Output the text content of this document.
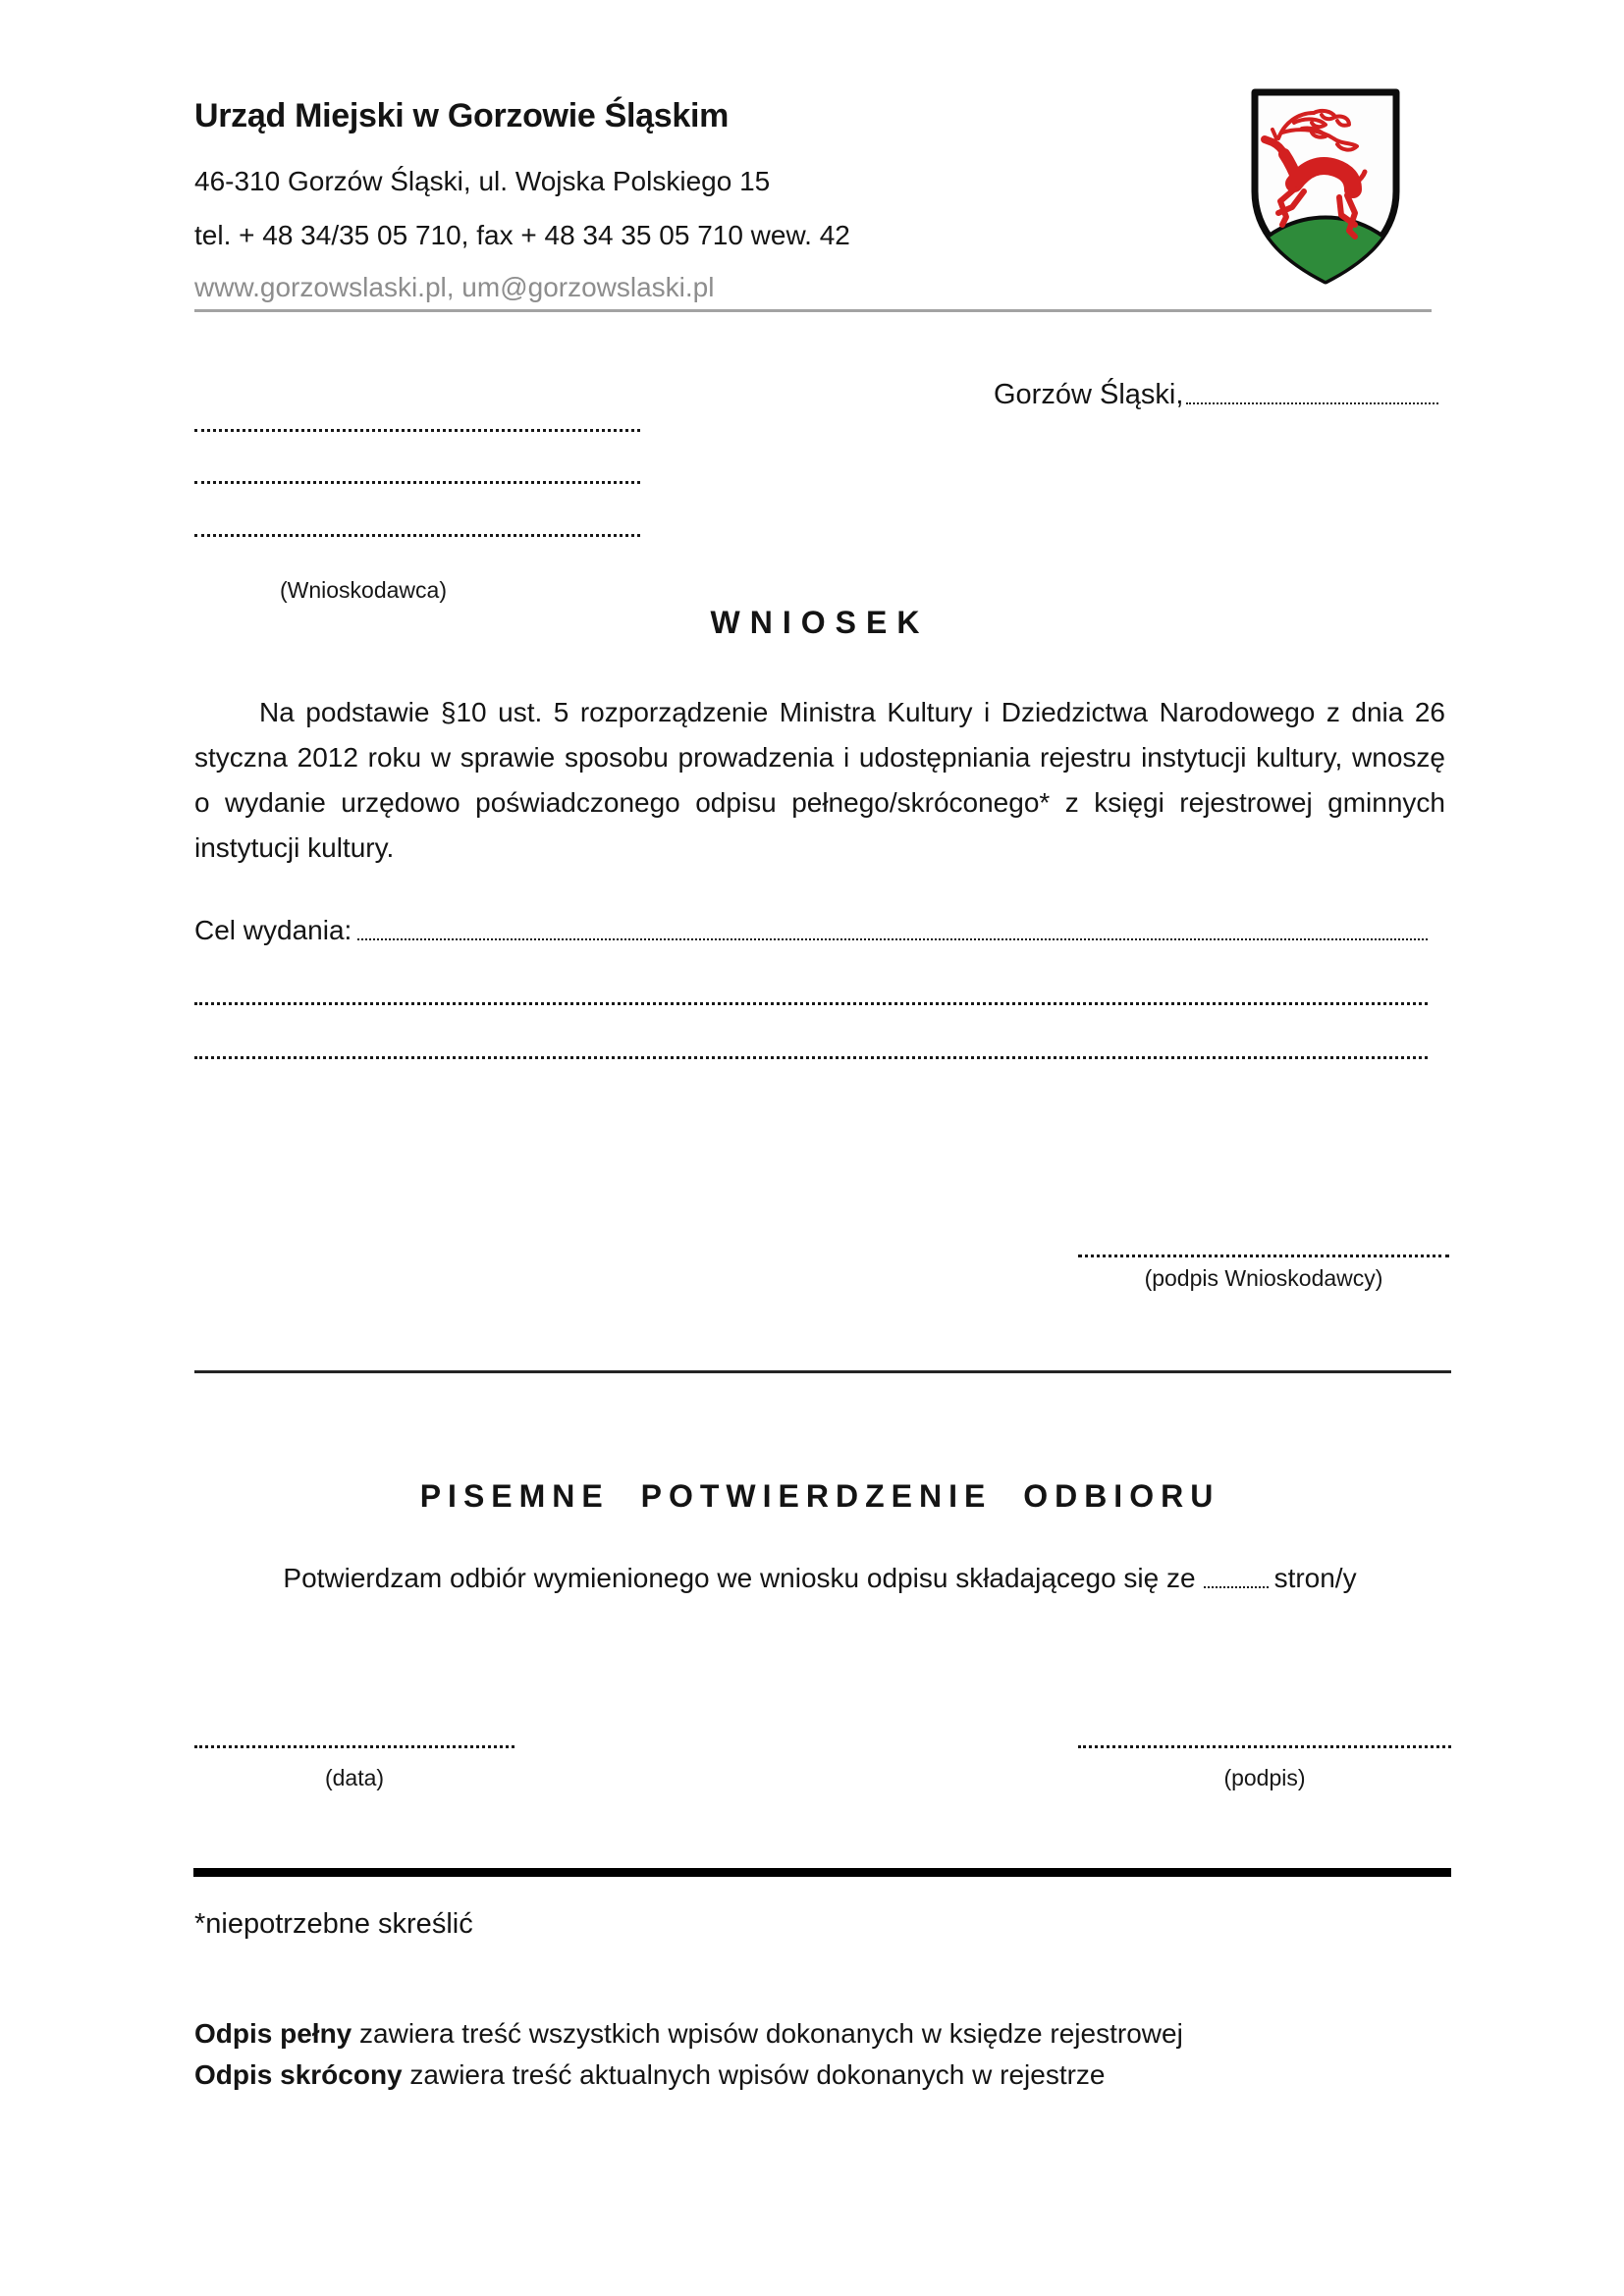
Urząd Miejski w Gorzowie Śląskim
46-310 Gorzów Śląski, ul. Wojska Polskiego 15
tel. + 48 34/35 05 710, fax + 48 34 35 05 710 wew. 42
www.gorzowslaski.pl, um@gorzowslaski.pl
Gorzów Śląski,
(Wnioskodawca)
WNIOSEK
Na podstawie §10 ust. 5 rozporządzenie Ministra Kultury i Dziedzictwa Narodowego z dnia 26 styczna 2012 roku w sprawie sposobu prowadzenia i udostępniania rejestru instytucji kultury, wnoszę o wydanie urzędowo poświadczonego odpisu pełnego/skróconego* z księgi rejestrowej gminnych instytucji kultury.
Cel wydania:
(podpis Wnioskodawcy)
PISEMNE POTWIERDZENIE ODBIORU
Potwierdzam odbiór wymienionego we wniosku odpisu składającego się ze	stron/y
(data)	(podpis)
*niepotrzebne skreślić
Odpis pełny zawiera treść wszystkich wpisów dokonanych w księdze rejestrowej
Odpis skrócony zawiera treść aktualnych wpisów dokonanych w rejestrze
